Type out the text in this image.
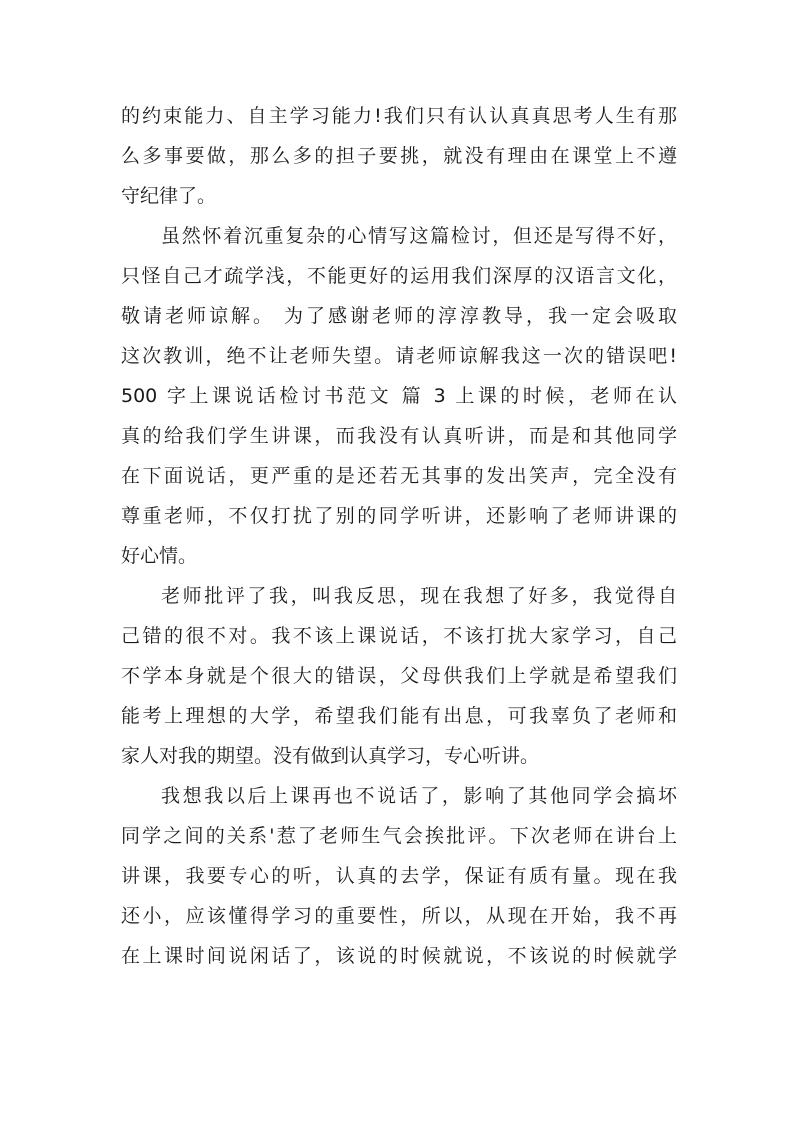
的约束能力、自主学习能力!我们只有认认真真思考人生有那
么多事要做，那么多的担子要挑，就没有理由在课堂上不遵
守纪律了。
虽然怀着沉重复杂的心情写这篇检讨，但还是写得不好，
只怪自己才疏学浅，不能更好的运用我们深厚的汉语言文化，
敬请老师谅解。 为了感谢老师的淳淳教导，我一定会吸取
这次教训，绝不让老师失望。请老师谅解我这一次的错误吧!
500 字上课说话检讨书范文 篇 3 上课的时候，老师在认
真的给我们学生讲课，而我没有认真听讲，而是和其他同学
在下面说话，更严重的是还若无其事的发出笑声，完全没有
尊重老师，不仅打扰了别的同学听讲，还影响了老师讲课的
好心情。
老师批评了我，叫我反思，现在我想了好多，我觉得自
己错的很不对。我不该上课说话，不该打扰大家学习，自己
不学本身就是个很大的错误，父母供我们上学就是希望我们
能考上理想的大学，希望我们能有出息，可我辜负了老师和
家人对我的期望。没有做到认真学习，专心听讲。
我想我以后上课再也不说话了，影响了其他同学会搞坏
同学之间的关系'惹了老师生气会挨批评。下次老师在讲台上
讲课，我要专心的听，认真的去学，保证有质有量。现在我
还小，应该懂得学习的重要性，所以，从现在开始，我不再
在上课时间说闲话了，该说的时候就说，不该说的时候就学
